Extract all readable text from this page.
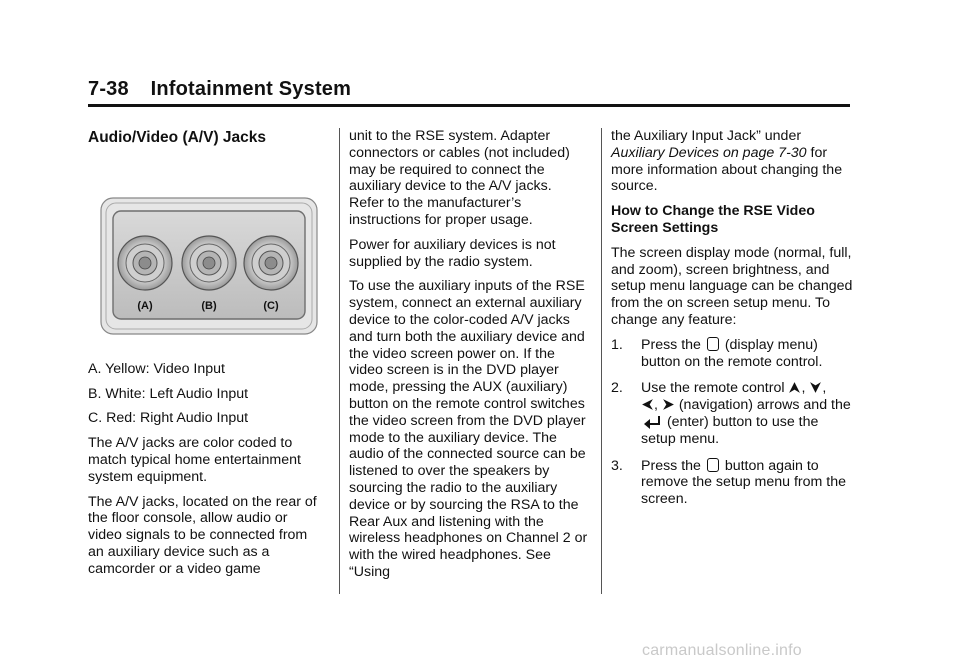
7-38 Infotainment System
Audio/Video (A/V) Jacks
(A)	(B)	(C)
A. Yellow: Video Input
B. White: Left Audio Input
C. Red: Right Audio Input

The A/V jacks are color coded to match typical home entertainment system equipment.

The A/V jacks, located on the rear of the floor console, allow audio or video signals to be connected from an auxiliary device such as a camcorder or a video game

unit to the RSE system. Adapter connectors or cables (not included) may be required to connect the auxiliary device to the A/V jacks. Refer to the manufacturer’s instructions for proper usage.

Power for auxiliary devices is not supplied by the radio system.

To use the auxiliary inputs of the RSE system, connect an external auxiliary device to the color-coded A/V jacks and turn both the auxiliary device and the video screen power on. If the video screen is in the DVD player mode, pressing the AUX (auxiliary) button on the remote control switches the video screen from the DVD player mode to the auxiliary device. The audio of the connected source can be listened to over the speakers by sourcing the radio to the auxiliary device or by sourcing the RSA to the Rear Aux and listening with the wireless headphones on Channel 2 or with the wired headphones. See “Using

the Auxiliary Input Jack” under Auxiliary Devices on page 7-30 for more information about changing the source.

How to Change the RSE Video Screen Settings

The screen display mode (normal, full, and zoom), screen brightness, and setup menu language can be changed from the on screen setup menu. To change any feature:

1. Press the  (display menu) button on the remote control.
2. Use the remote control , ,
,  (navigation) arrows and the  (enter) button to use the setup menu.
3. Press the  button again to remove the setup menu from the screen.
carmanualsonline.info
